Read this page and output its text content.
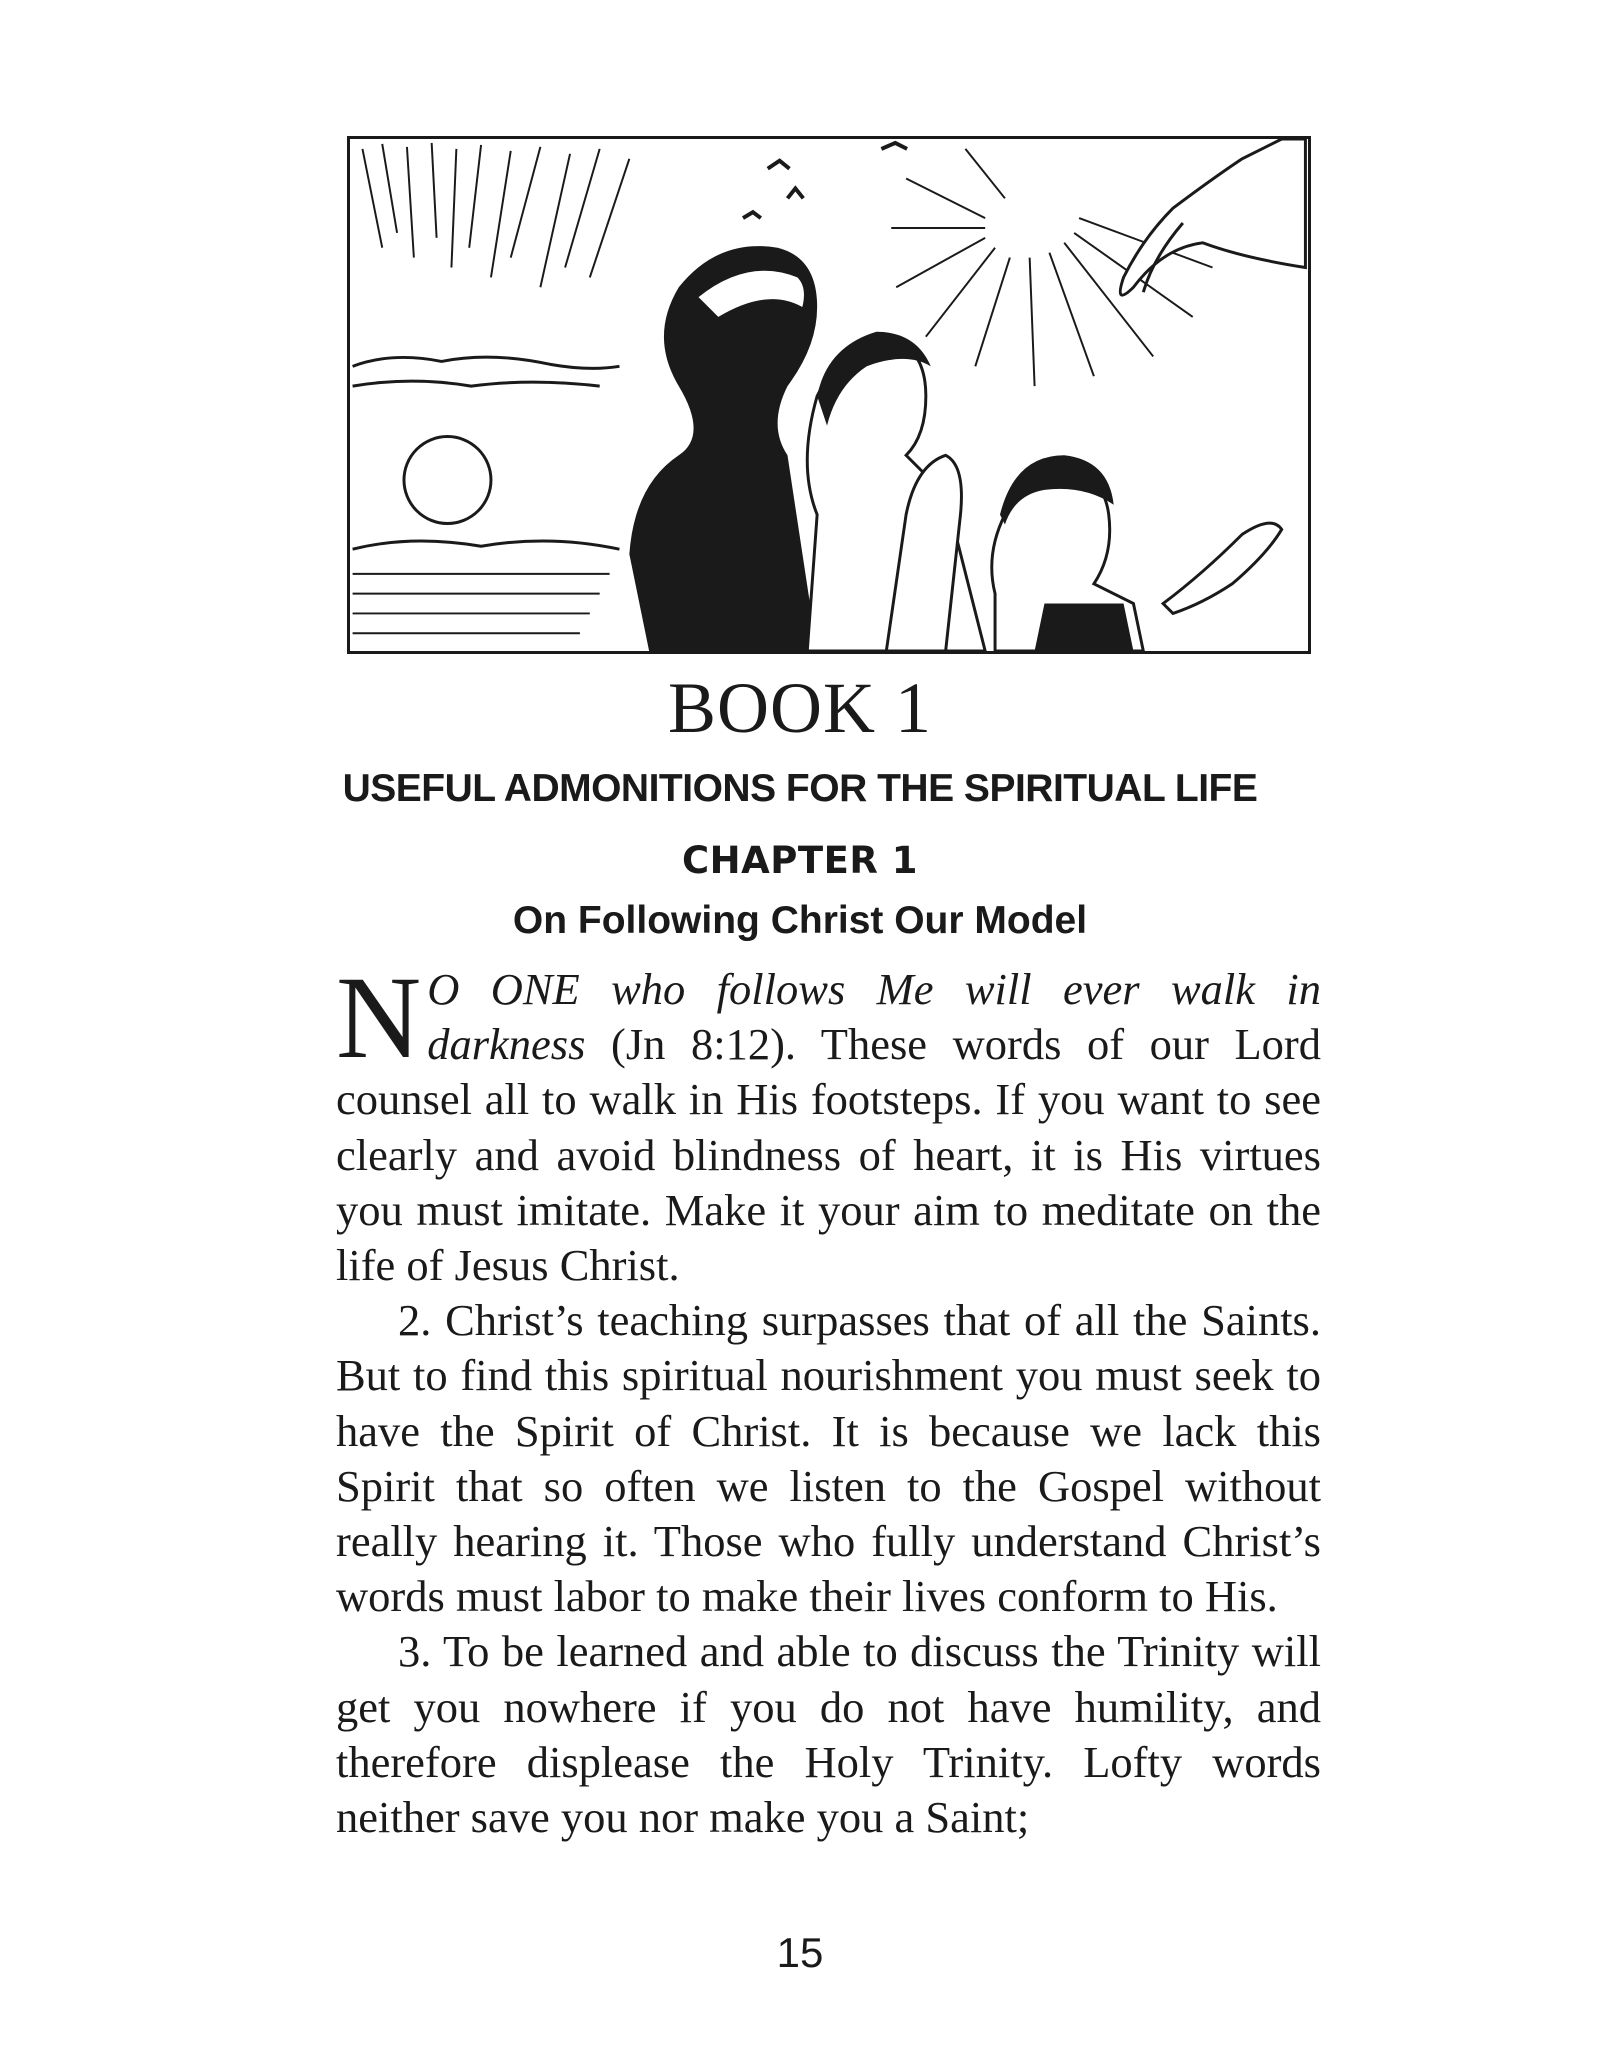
BOOK 1
USEFUL ADMONITIONS FOR THE SPIRITUAL LIFE
CHAPTER 1
On Following Christ Our Model

N O ONE who follows Me will ever walk in darkness (Jn 8:12). These words of our Lord counsel all to walk in His footsteps. If you want to see clearly and avoid blindness of heart, it is His virtues you must imitate. Make it your aim to meditate on the life of Jesus Christ.

2. Christ’s teaching surpasses that of all the Saints. But to find this spiritual nourishment you must seek to have the Spirit of Christ. It is because we lack this Spirit that so often we listen to the Gospel without really hearing it. Those who fully understand Christ’s words must labor to make their lives conform to His.

3. To be learned and able to discuss the Trinity will get you nowhere if you do not have humility, and therefore displease the Holy Trinity. Lofty words neither save you nor make you a Saint;

15
